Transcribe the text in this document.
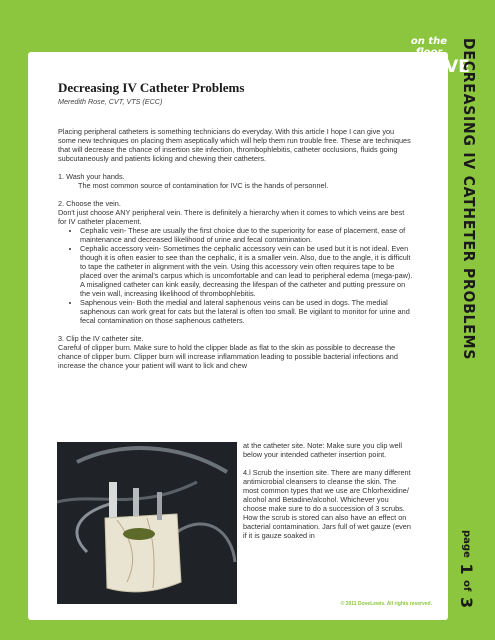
on the floor
@DOVE
DECREASING IV CATHETER PROBLEMS
page 1 of 3
Decreasing IV Catheter Problems

Meredith Rose, CVT, VTS (ECC)

Placing peripheral catheters is something technicians do everyday. With this article I hope I can give you some new techniques on placing them aseptically which will help them run trouble free. These are techniques that will decrease the chance of insertion site infection, thrombophlebitis, catheter occlusions, fluids going subcutaneously and patients licking and chewing their catheters.

1. Wash your hands.

The most common source of contamination for IVC is the hands of personnel.

2. Choose the vein.

Don't just choose ANY peripheral vein. There is definitely a hierarchy when it comes to which veins are best for IV catheter placement.

• Cephalic vein- These are usually the first choice due to the superiority for ease of placement, ease of maintenance and decreased likelihood of urine and fecal contamination.
• Cephalic accessory vein- Sometimes the cephalic accessory vein can be used but it is not ideal. Even though it is often easier to see than the cephalic, it is a smaller vein. Also, due to the angle, it is difficult to tape the catheter in alignment with the vein. Using this accessory vein often requires tape to be placed over the animal's carpus which is uncomfortable and can lead to peripheral edema (mega-paw). A misaligned catheter can kink easily, decreasing the lifespan of the catheter and putting pressure on the vein wall, increasing likelihood of thrombophlebitis.
• Saphenous vein- Both the medial and lateral saphenous veins can be used in dogs. The medial saphenous can work great for cats but the lateral is often too small. Be vigilant to monitor for urine and fecal contamination on those saphenous catheters.

3. Clip the IV catheter site.

Careful of clipper burn. Make sure to hold the clipper blade as flat to the skin as possible to decrease the chance of clipper burn. Clipper burn will increase inflammation leading to possible bacterial infections and increase the chance your patient will want to lick and chew

at the catheter site. Note: Make sure you clip well below your intended catheter insertion point.

4.l Scrub the insertion site. There are many different antimicrobial cleansers to cleanse the skin. The most common types that we use are Chlorhexidine/ alcohol and Betadine/alcohol. Whichever you choose make sure to do a succession of 3 scrubs. How the scrub is stored can also have an effect on bacterial contamination. Jars full of wet gauze (even if it is gauze soaked in

© 2011 DoveLewis. All rights reserved.
